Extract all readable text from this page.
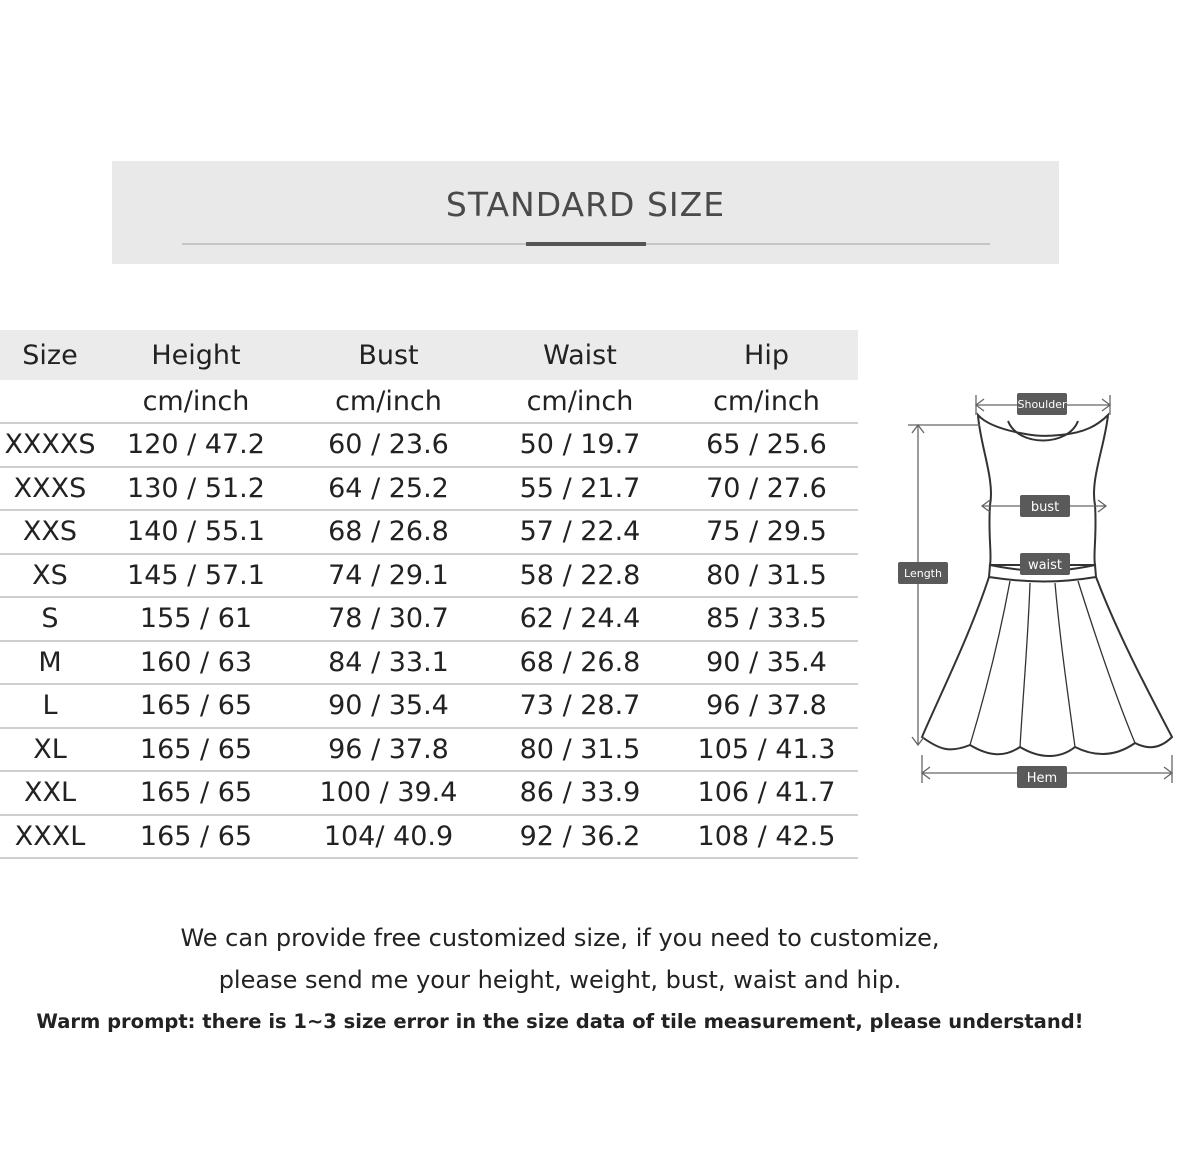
STANDARD SIZE
Size	Height	Bust	Waist	Hip
	cm/inch	cm/inch	cm/inch	cm/inch
XXXXS	120 / 47.2	60 / 23.6	50 / 19.7	65 / 25.6
XXXS	130 / 51.2	64 / 25.2	55 / 21.7	70 / 27.6
XXS	140 / 55.1	68 / 26.8	57 / 22.4	75 / 29.5
XS	145 / 57.1	74 / 29.1	58 / 22.8	80 / 31.5
S	155 / 61	78 / 30.7	62 / 24.4	85 / 33.5
M	160 / 63	84 / 33.1	68 / 26.8	90 / 35.4
L	165 / 65	90 / 35.4	73 / 28.7	96 / 37.8
XL	165 / 65	96 / 37.8	80 / 31.5	105 / 41.3
XXL	165 / 65	100 / 39.4	86 / 33.9	106 / 41.7
XXXL	165 / 65	104/ 40.9	92 / 36.2	108 / 42.5
Shoulder
bust
waist
Length
Hem
We can provide free customized size, if you need to customize,
please send me your height, weight, bust, waist and hip.
Warm prompt: there is 1~3 size error in the size data of tile measurement, please understand!
